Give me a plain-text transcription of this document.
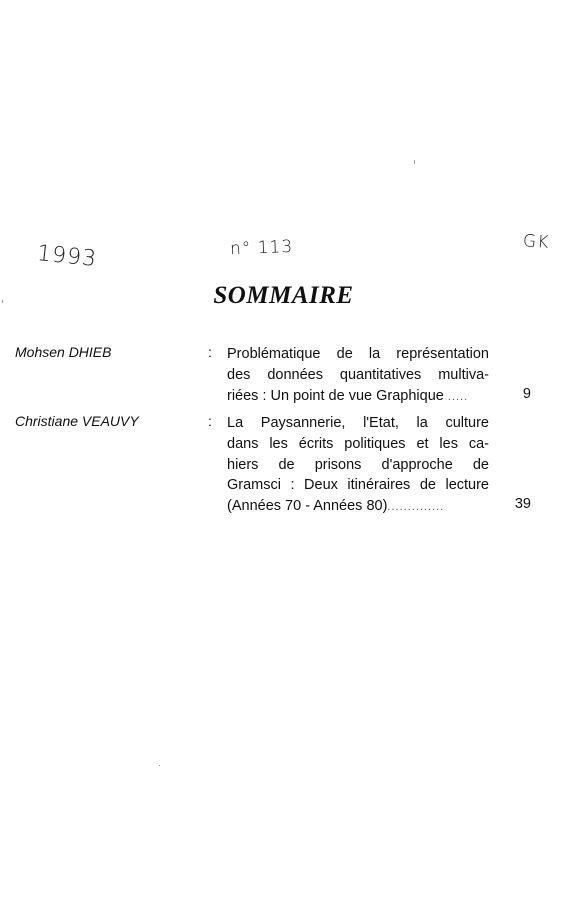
1993	n° 113	GK
SOMMAIRE
Mohsen DHIEB	: Problématique de la représentation
des données quantitatives multiva-
riées : Un point de vue Graphique .....	9
Christiane VEAUVY	: La Paysannerie, l'Etat, la culture
dans les écrits politiques et les ca-
hiers de prisons d'approche de
Gramsci : Deux itinéraires de lecture
(Années 70 - Années 80)..............	39
